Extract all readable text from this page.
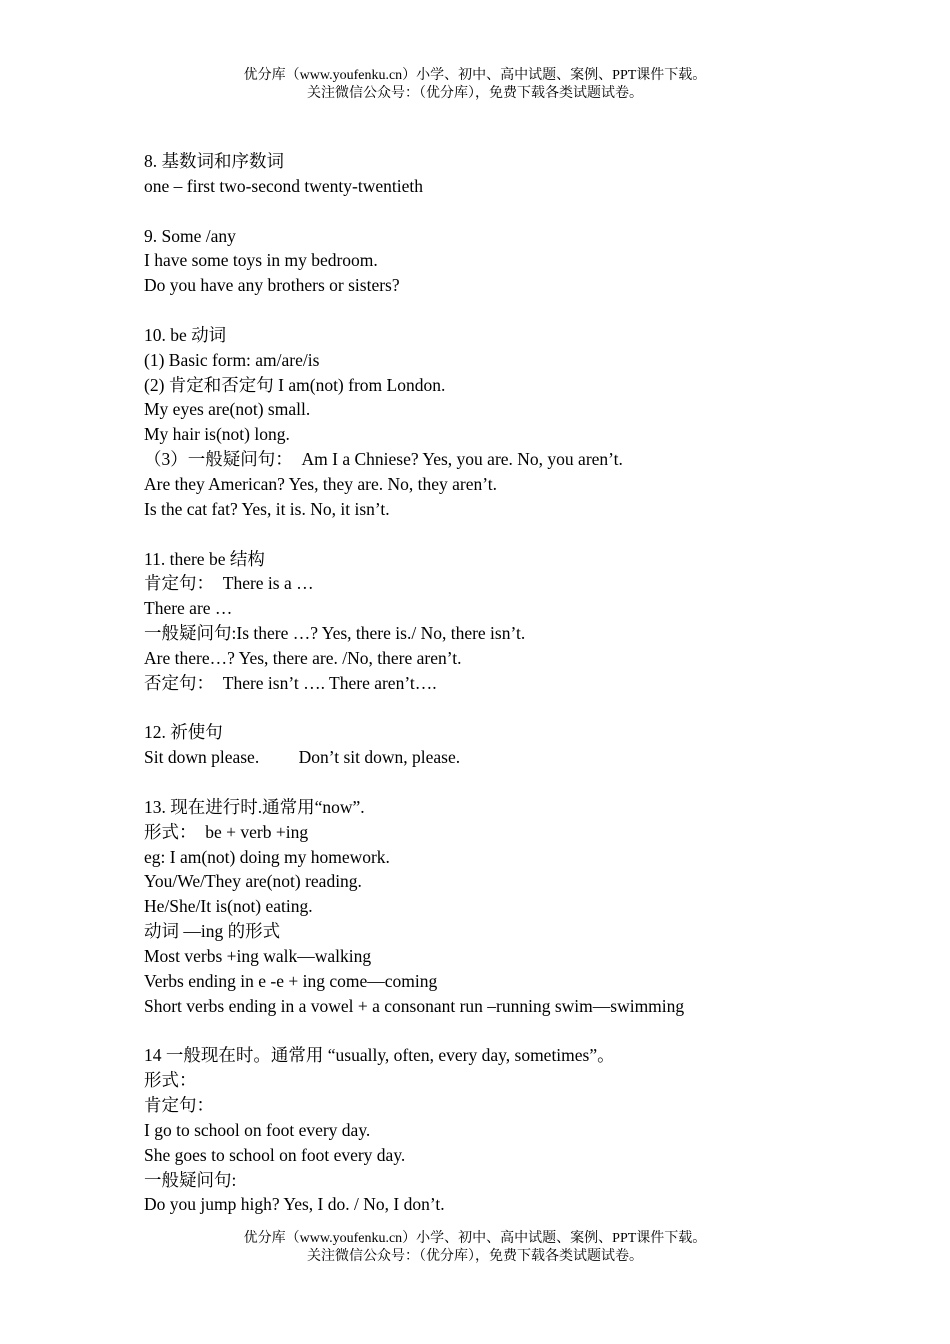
优分库（www.youfenku.cn）小学、初中、高中试题、案例、PPT课件下载。
关注微信公众号：（优分库），免费下载各类试题试卷。
8. 基数词和序数词
one – first two-second twenty-twentieth
9. Some /any
I have some toys in my bedroom.
Do you have any brothers or sisters?
10. be 动词
(1) Basic form: am/are/is
(2) 肯定和否定句 I am(not) from London.
My eyes are(not) small.
My hair is(not) long.
（3）一般疑问句：  Am I a Chniese? Yes, you are. No, you aren’t.
Are they American? Yes, they are. No, they aren’t.
Is the cat fat? Yes, it is. No, it isn’t.
11. there be 结构
肯定句：  There is a …
There are …
一般疑问句:Is there …? Yes, there is./ No, there isn’t.
Are there…? Yes, there are. /No, there aren’t.
否定句：  There isn’t …. There aren’t….
12. 祈使句
Sit down please.         Don’t sit down, please.
13. 现在进行时.通常用“now”.
形式：  be + verb +ing
eg: I am(not) doing my homework.
You/We/They are(not) reading.
He/She/It is(not) eating.
动词 —ing 的形式
Most verbs +ing walk—walking
Verbs ending in e -e + ing come—coming
Short verbs ending in a vowel + a consonant run –running swim—swimming
14 一般现在时。通常用 “usually, often, every day, sometimes”。
形式：
肯定句：
I go to school on foot every day.
She goes to school on foot every day.
一般疑问句:
Do you jump high? Yes, I do. / No, I don’t.
优分库（www.youfenku.cn）小学、初中、高中试题、案例、PPT课件下载。
关注微信公众号：（优分库），免费下载各类试题试卷。
